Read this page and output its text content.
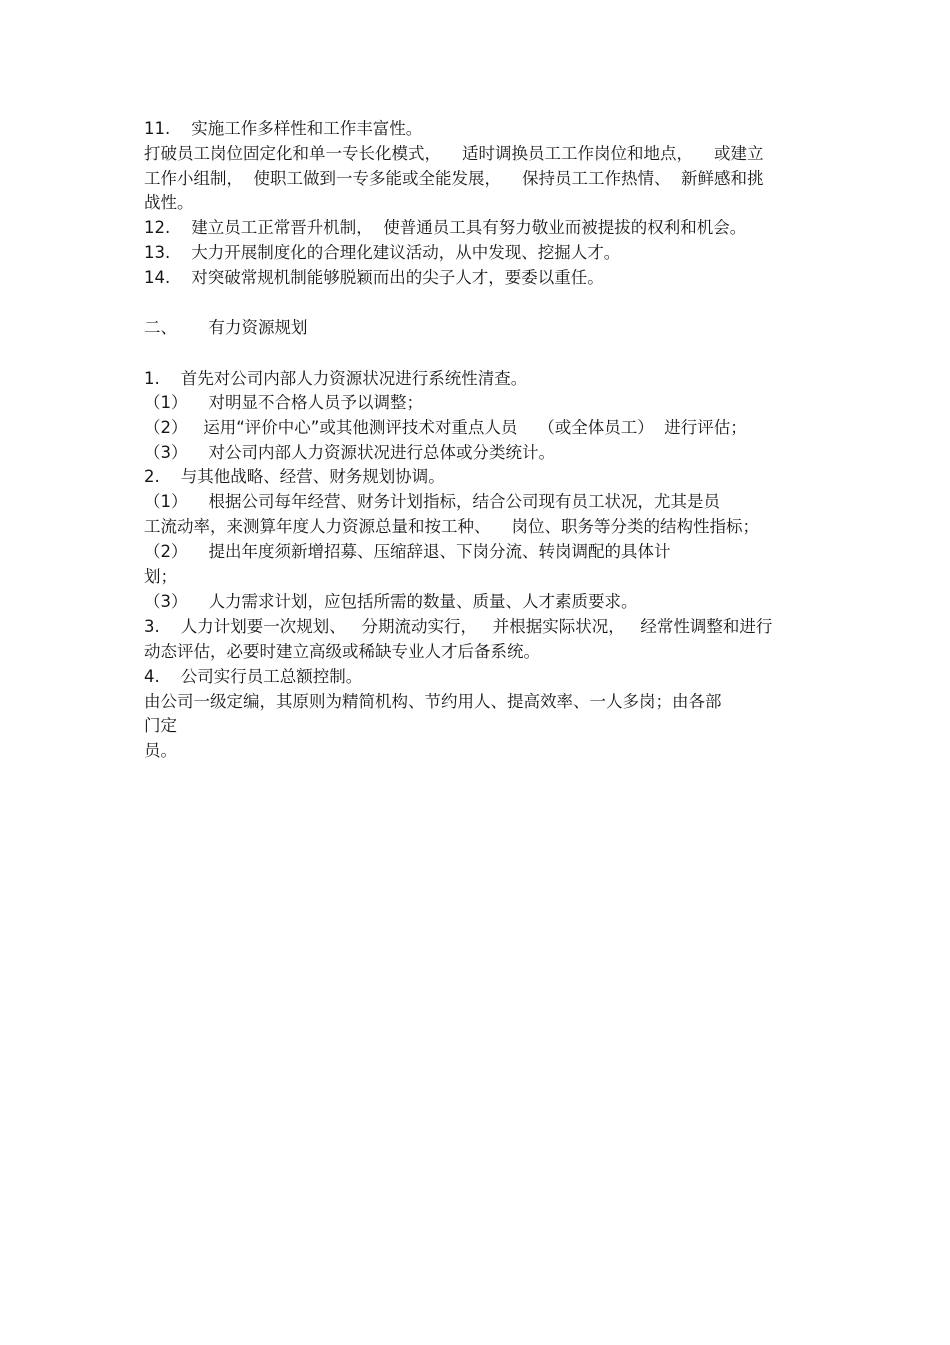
11.    实施工作多样性和工作丰富性。
打破员工岗位固定化和单一专长化模式，    适时调换员工工作岗位和地点，    或建立
工作小组制，  使职工做到一专多能或全能发展，    保持员工工作热情、  新鲜感和挑
战性。
12.    建立员工正常晋升机制，  使普通员工具有努力敬业而被提拔的权利和机会。
13.    大力开展制度化的合理化建议活动，从中发现、挖掘人才。
14.    对突破常规机制能够脱颖而出的尖子人才，要委以重任。
二、      有力资源规划
1.    首先对公司内部人力资源状况进行系统性清查。
（1）    对明显不合格人员予以调整；
（2）   运用“评价中心”或其他测评技术对重点人员    （或全体员工）  进行评估；
（3）    对公司内部人力资源状况进行总体或分类统计。
2.    与其他战略、经营、财务规划协调。
（1）    根据公司每年经营、财务计划指标，结合公司现有员工状况，尤其是员
工流动率，来测算年度人力资源总量和按工种、    岗位、职务等分类的结构性指标；
（2）    提出年度须新增招募、压缩辞退、下岗分流、转岗调配的具体计
划；
（3）    人力需求计划，应包括所需的数量、质量、人才素质要求。
3.    人力计划要一次规划、   分期流动实行，   并根据实际状况，   经常性调整和进行
动态评估，必要时建立高级或稀缺专业人才后备系统。
4.    公司实行员工总额控制。
由公司一级定编，其原则为精简机构、节约用人、提高效率、一人多岗；由各部
门定
员。
